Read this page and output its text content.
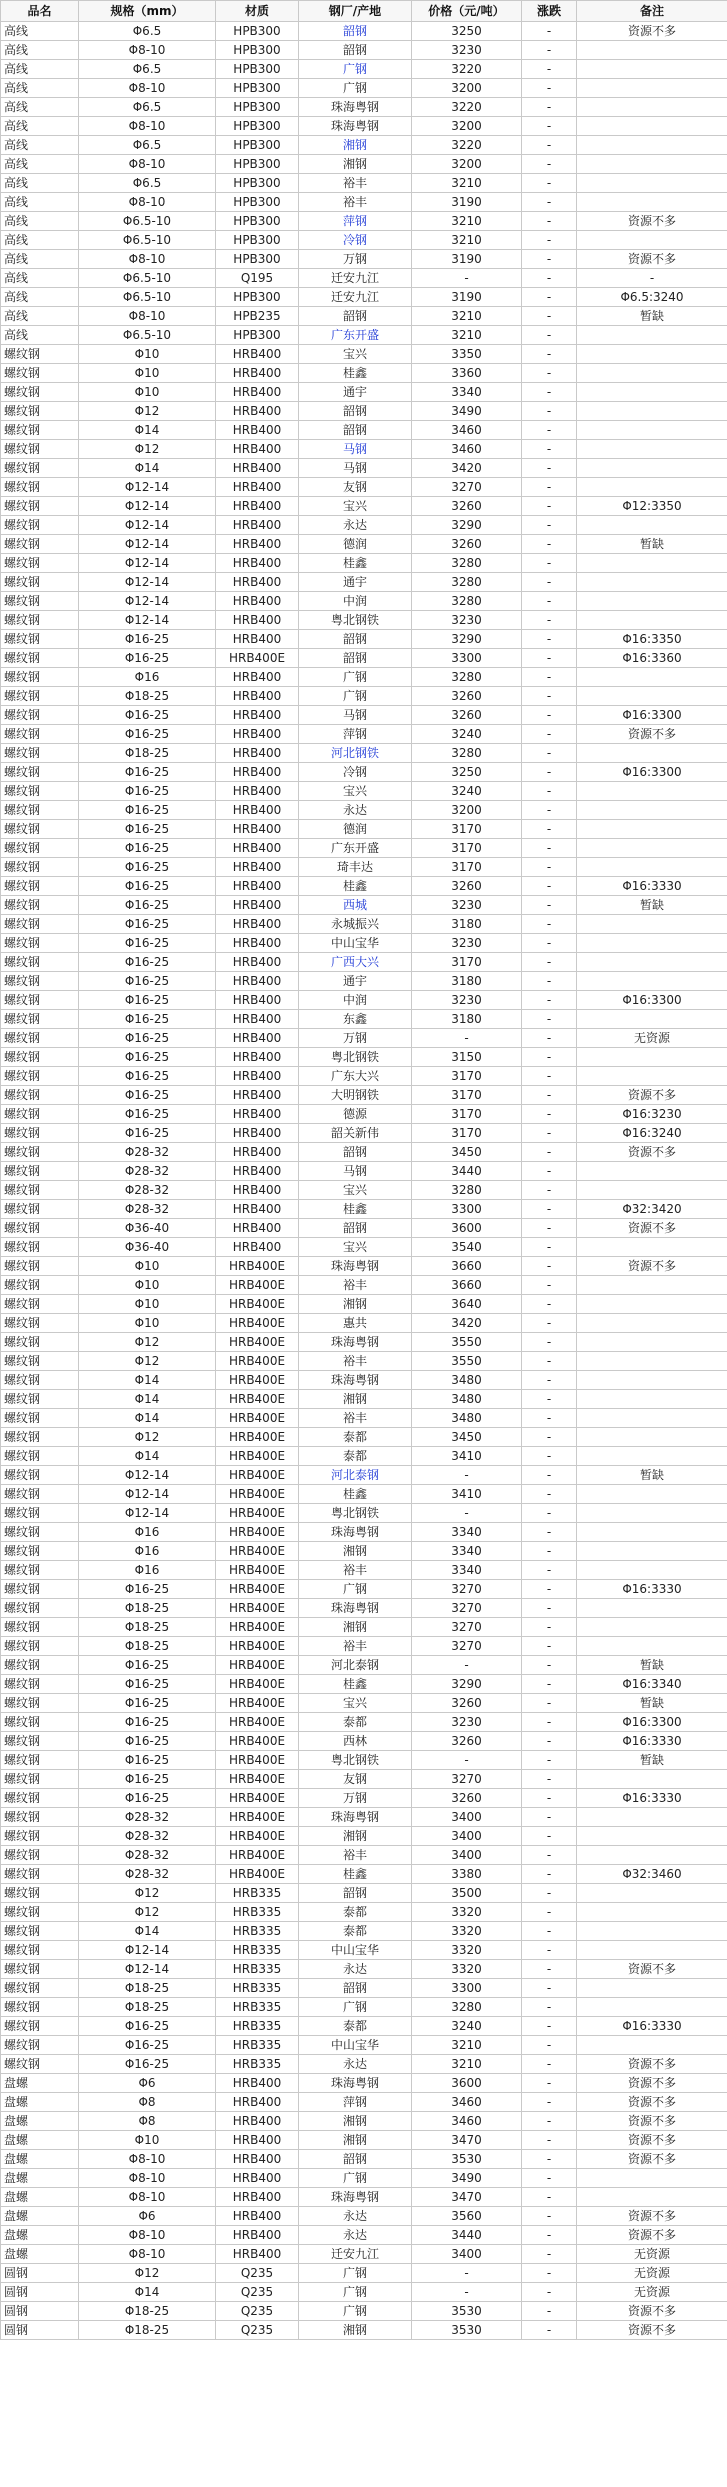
品名	规格（mm）	材质	钢厂/产地	价格（元/吨）	涨跌	备注
高线	Φ6.5	HPB300	韶钢	3250	-	资源不多
高线	Φ8-10	HPB300	韶钢	3230	-	
高线	Φ6.5	HPB300	广钢	3220	-	
高线	Φ8-10	HPB300	广钢	3200	-	
高线	Φ6.5	HPB300	珠海粤钢	3220	-	
高线	Φ8-10	HPB300	珠海粤钢	3200	-	
高线	Φ6.5	HPB300	湘钢	3220	-	
高线	Φ8-10	HPB300	湘钢	3200	-	
高线	Φ6.5	HPB300	裕丰	3210	-	
高线	Φ8-10	HPB300	裕丰	3190	-	
高线	Φ6.5-10	HPB300	萍钢	3210	-	资源不多
高线	Φ6.5-10	HPB300	冷钢	3210	-	
高线	Φ8-10	HPB300	万钢	3190	-	资源不多
高线	Φ6.5-10	Q195	迁安九江	-	-	-
高线	Φ6.5-10	HPB300	迁安九江	3190	-	Φ6.5:3240
高线	Φ8-10	HPB235	韶钢	3210	-	暂缺
高线	Φ6.5-10	HPB300	广东开盛	3210	-	
螺纹钢	Φ10	HRB400	宝兴	3350	-	
螺纹钢	Φ10	HRB400	桂鑫	3360	-	
螺纹钢	Φ10	HRB400	通宇	3340	-	
螺纹钢	Φ12	HRB400	韶钢	3490	-	
螺纹钢	Φ14	HRB400	韶钢	3460	-	
螺纹钢	Φ12	HRB400	马钢	3460	-	
螺纹钢	Φ14	HRB400	马钢	3420	-	
螺纹钢	Φ12-14	HRB400	友钢	3270	-	
螺纹钢	Φ12-14	HRB400	宝兴	3260	-	Φ12:3350
螺纹钢	Φ12-14	HRB400	永达	3290	-	
螺纹钢	Φ12-14	HRB400	德润	3260	-	暂缺
螺纹钢	Φ12-14	HRB400	桂鑫	3280	-	
螺纹钢	Φ12-14	HRB400	通宇	3280	-	
螺纹钢	Φ12-14	HRB400	中润	3280	-	
螺纹钢	Φ12-14	HRB400	粤北钢铁	3230	-	
螺纹钢	Φ16-25	HRB400	韶钢	3290	-	Φ16:3350
螺纹钢	Φ16-25	HRB400E	韶钢	3300	-	Φ16:3360
螺纹钢	Φ16	HRB400	广钢	3280	-	
螺纹钢	Φ18-25	HRB400	广钢	3260	-	
螺纹钢	Φ16-25	HRB400	马钢	3260	-	Φ16:3300
螺纹钢	Φ16-25	HRB400	萍钢	3240	-	资源不多
螺纹钢	Φ18-25	HRB400	河北钢铁	3280	-	
螺纹钢	Φ16-25	HRB400	冷钢	3250	-	Φ16:3300
螺纹钢	Φ16-25	HRB400	宝兴	3240	-	
螺纹钢	Φ16-25	HRB400	永达	3200	-	
螺纹钢	Φ16-25	HRB400	德润	3170	-	
螺纹钢	Φ16-25	HRB400	广东开盛	3170	-	
螺纹钢	Φ16-25	HRB400	琦丰达	3170	-	
螺纹钢	Φ16-25	HRB400	桂鑫	3260	-	Φ16:3330
螺纹钢	Φ16-25	HRB400	西城	3230	-	暂缺
螺纹钢	Φ16-25	HRB400	永城振兴	3180	-	
螺纹钢	Φ16-25	HRB400	中山宝华	3230	-	
螺纹钢	Φ16-25	HRB400	广西大兴	3170	-	
螺纹钢	Φ16-25	HRB400	通宇	3180	-	
螺纹钢	Φ16-25	HRB400	中润	3230	-	Φ16:3300
螺纹钢	Φ16-25	HRB400	东鑫	3180	-	
螺纹钢	Φ16-25	HRB400	万钢	-	-	无资源
螺纹钢	Φ16-25	HRB400	粤北钢铁	3150	-	
螺纹钢	Φ16-25	HRB400	广东大兴	3170	-	
螺纹钢	Φ16-25	HRB400	大明钢铁	3170	-	资源不多
螺纹钢	Φ16-25	HRB400	德源	3170	-	Φ16:3230
螺纹钢	Φ16-25	HRB400	韶关新伟	3170	-	Φ16:3240
螺纹钢	Φ28-32	HRB400	韶钢	3450	-	资源不多
螺纹钢	Φ28-32	HRB400	马钢	3440	-	
螺纹钢	Φ28-32	HRB400	宝兴	3280	-	
螺纹钢	Φ28-32	HRB400	桂鑫	3300	-	Φ32:3420
螺纹钢	Φ36-40	HRB400	韶钢	3600	-	资源不多
螺纹钢	Φ36-40	HRB400	宝兴	3540	-	
螺纹钢	Φ10	HRB400E	珠海粤钢	3660	-	资源不多
螺纹钢	Φ10	HRB400E	裕丰	3660	-	
螺纹钢	Φ10	HRB400E	湘钢	3640	-	
螺纹钢	Φ10	HRB400E	惠共	3420	-	
螺纹钢	Φ12	HRB400E	珠海粤钢	3550	-	
螺纹钢	Φ12	HRB400E	裕丰	3550	-	
螺纹钢	Φ14	HRB400E	珠海粤钢	3480	-	
螺纹钢	Φ14	HRB400E	湘钢	3480	-	
螺纹钢	Φ14	HRB400E	裕丰	3480	-	
螺纹钢	Φ12	HRB400E	泰都	3450	-	
螺纹钢	Φ14	HRB400E	泰都	3410	-	
螺纹钢	Φ12-14	HRB400E	河北泰钢	-	-	暂缺
螺纹钢	Φ12-14	HRB400E	桂鑫	3410	-	
螺纹钢	Φ12-14	HRB400E	粤北钢铁	-	-	
螺纹钢	Φ16	HRB400E	珠海粤钢	3340	-	
螺纹钢	Φ16	HRB400E	湘钢	3340	-	
螺纹钢	Φ16	HRB400E	裕丰	3340	-	
螺纹钢	Φ16-25	HRB400E	广钢	3270	-	Φ16:3330
螺纹钢	Φ18-25	HRB400E	珠海粤钢	3270	-	
螺纹钢	Φ18-25	HRB400E	湘钢	3270	-	
螺纹钢	Φ18-25	HRB400E	裕丰	3270	-	
螺纹钢	Φ16-25	HRB400E	河北泰钢	-	-	暂缺
螺纹钢	Φ16-25	HRB400E	桂鑫	3290	-	Φ16:3340
螺纹钢	Φ16-25	HRB400E	宝兴	3260	-	暂缺
螺纹钢	Φ16-25	HRB400E	泰都	3230	-	Φ16:3300
螺纹钢	Φ16-25	HRB400E	西林	3260	-	Φ16:3330
螺纹钢	Φ16-25	HRB400E	粤北钢铁	-	-	暂缺
螺纹钢	Φ16-25	HRB400E	友钢	3270	-	
螺纹钢	Φ16-25	HRB400E	万钢	3260	-	Φ16:3330
螺纹钢	Φ28-32	HRB400E	珠海粤钢	3400	-	
螺纹钢	Φ28-32	HRB400E	湘钢	3400	-	
螺纹钢	Φ28-32	HRB400E	裕丰	3400	-	
螺纹钢	Φ28-32	HRB400E	桂鑫	3380	-	Φ32:3460
螺纹钢	Φ12	HRB335	韶钢	3500	-	
螺纹钢	Φ12	HRB335	泰都	3320	-	
螺纹钢	Φ14	HRB335	泰都	3320	-	
螺纹钢	Φ12-14	HRB335	中山宝华	3320	-	
螺纹钢	Φ12-14	HRB335	永达	3320	-	资源不多
螺纹钢	Φ18-25	HRB335	韶钢	3300	-	
螺纹钢	Φ18-25	HRB335	广钢	3280	-	
螺纹钢	Φ16-25	HRB335	泰都	3240	-	Φ16:3330
螺纹钢	Φ16-25	HRB335	中山宝华	3210	-	
螺纹钢	Φ16-25	HRB335	永达	3210	-	资源不多
盘螺	Φ6	HRB400	珠海粤钢	3600	-	资源不多
盘螺	Φ8	HRB400	萍钢	3460	-	资源不多
盘螺	Φ8	HRB400	湘钢	3460	-	资源不多
盘螺	Φ10	HRB400	湘钢	3470	-	资源不多
盘螺	Φ8-10	HRB400	韶钢	3530	-	资源不多
盘螺	Φ8-10	HRB400	广钢	3490	-	
盘螺	Φ8-10	HRB400	珠海粤钢	3470	-	
盘螺	Φ6	HRB400	永达	3560	-	资源不多
盘螺	Φ8-10	HRB400	永达	3440	-	资源不多
盘螺	Φ8-10	HRB400	迁安九江	3400	-	无资源
圆钢	Φ12	Q235	广钢	-	-	无资源
圆钢	Φ14	Q235	广钢	-	-	无资源
圆钢	Φ18-25	Q235	广钢	3530	-	资源不多
圆钢	Φ18-25	Q235	湘钢	3530	-	资源不多
